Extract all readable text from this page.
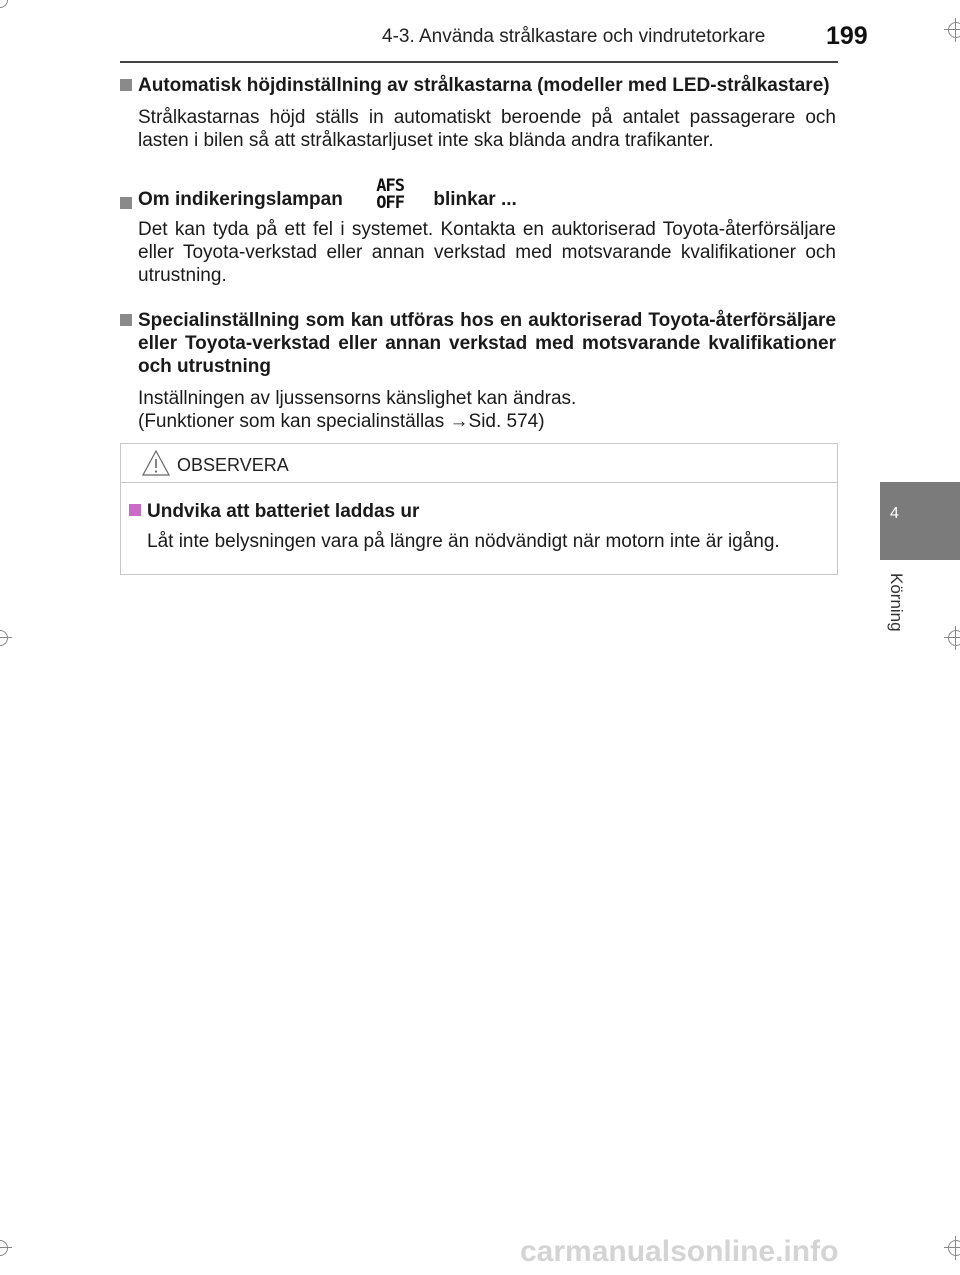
4-3. Använda strålkastare och vindrutetorkare 199
4
Körning
Automatisk höjdinställning av strålkastarna (modeller med LED-strålkastare)
Strålkastarnas höjd ställs in automatiskt beroende på antalet passagerare och lasten i bilen så att strålkastarljuset inte ska blända andra trafikanter.
Om indikeringslampan
AFS
OFF	blinkar ...
Det kan tyda på ett fel i systemet. Kontakta en auktoriserad Toyota-återförsäljare eller Toyota-verkstad eller annan verkstad med motsvarande kvalifikationer och utrustning.
Specialinställning som kan utföras hos en auktoriserad Toyota-återförsäljare eller Toyota-verkstad eller annan verkstad med motsvarande kvalifikationer och utrustning
Inställningen av ljussensorns känslighet kan ändras.
(Funktioner som kan specialinställas →Sid. 574)
OBSERVERA
Undvika att batteriet laddas ur
Låt inte belysningen vara på längre än nödvändigt när motorn inte är igång.
carmanualsonline.info
